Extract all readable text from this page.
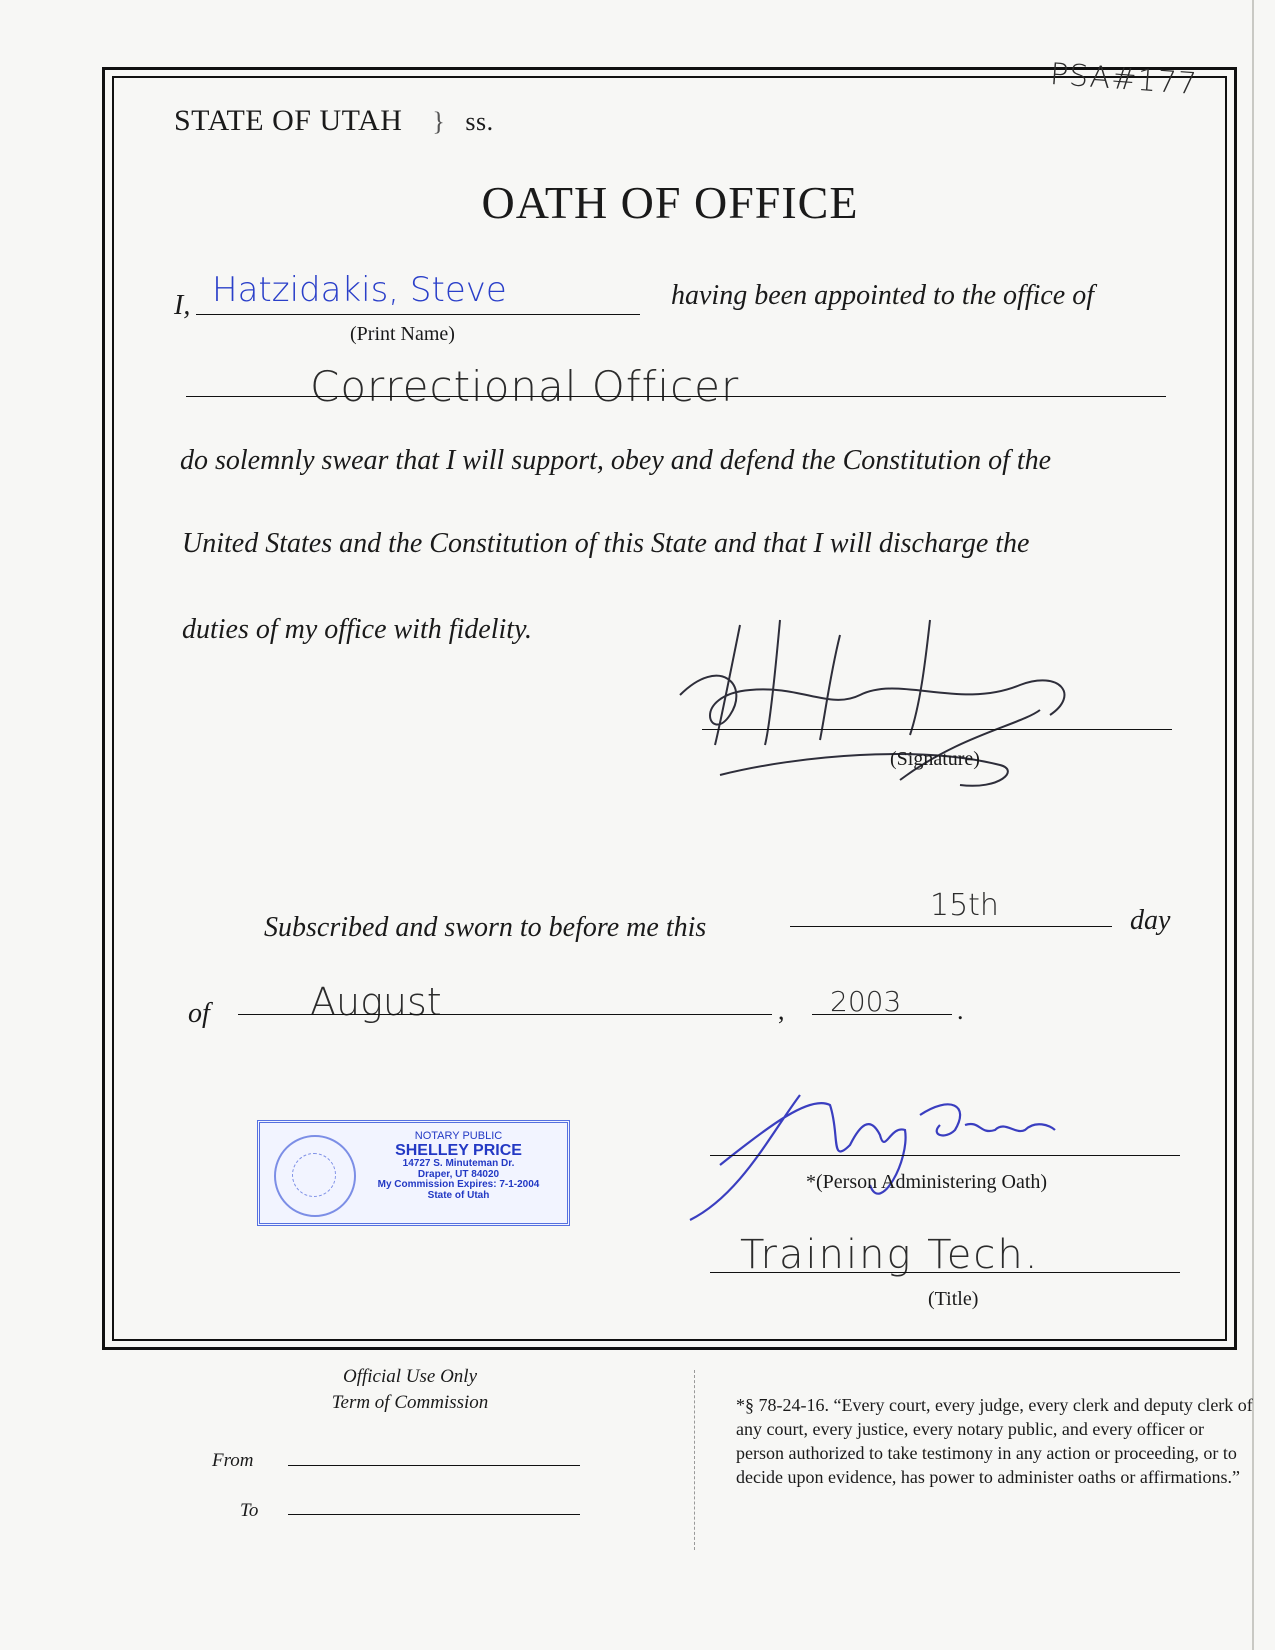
PSA#177
STATE OF UTAH } ss.
OATH OF OFFICE
I, Hatzidakis, Steve
(Print Name)
having been appointed to the office of
Correctional Officer
do solemnly swear that I will support, obey and defend the Constitution of the
United States and the Constitution of this State and that I will discharge the
duties of my office with fidelity.
(Signature)
Subscribed and sworn to before me this
15th	day
of	August	, 2003 .
NOTARY PUBLIC
SHELLEY PRICE
14727 S. Minuteman Dr.
Draper, UT 84020
My Commission Expires: 7-1-2004
State of Utah
*(Person Administering Oath)
Training Tech.
(Title)
Official Use Only
Term of Commission
From
To
*§ 78-24-16. “Every court, every judge, every clerk and deputy clerk of any court, every justice, every notary public, and every officer or person authorized to take testimony in any action or proceeding, or to decide upon evidence, has power to administer oaths or affirmations.”
